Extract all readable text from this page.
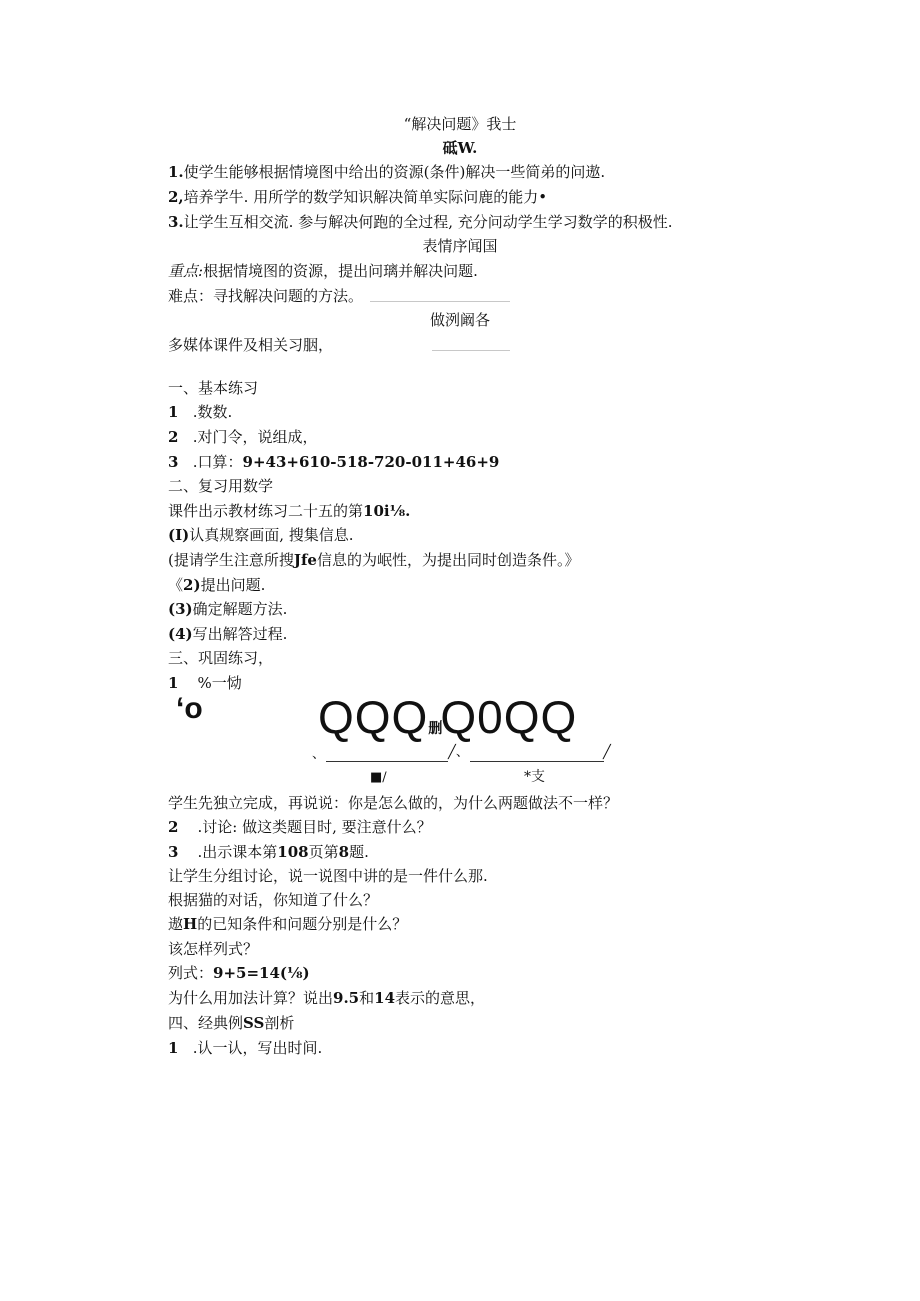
“解决问题》我士
砥W.
1.使学生能够根据情境图中给出的资源(条件)解决一些简弟的问遨.
2,培养学牛. 用所学的数学知识解决简单实际问鹿的能力•
3.让学生互相交流. 参与解决何跑的全过程, 充分问动学生学习数学的积极性.
表情序闻国
重点:根据情境图的资源，提出问璃并解决问题.
难点：寻找解决问题的方法。
做洌阚各
多媒体课件及相关习胭，
一、基本练习
1 .数数.
2 .对门令，说组成，
3 .口算：9+43+610-518-720-011+46+9
二、复习用数学
课件出示教材练习二十五的第10i⅛.
(I)认真规察画面, 搜集信息.
(提请学生注意所搜Jfe信息的为岷性，为提出同时创造条件。》
《2)提出问题.
(3)确定解题方法.
(4)写出解答过程.
三、巩固练习，
1 %一恸
‘o	QQQ删Q0QQ
、	╱、	╱
■/	*支
学生先独立完成，再说说：你是怎么做的，为什么两题做法不一样？
2 .讨论: 做这类题目时, 要注意什么？
3 .出示课本第108页第8题.
让学生分组讨论，说一说图中讲的是一件什么那.
根据猫的对话，你知道了什么？
遨H的已知条件和问题分别是什么？
该怎样列式？
列式：9+5=14(⅛)
为什么用加法计算？说出9.5和14表示的意思，
四、经典例SS剖析
1 .认一认，写出时间.
